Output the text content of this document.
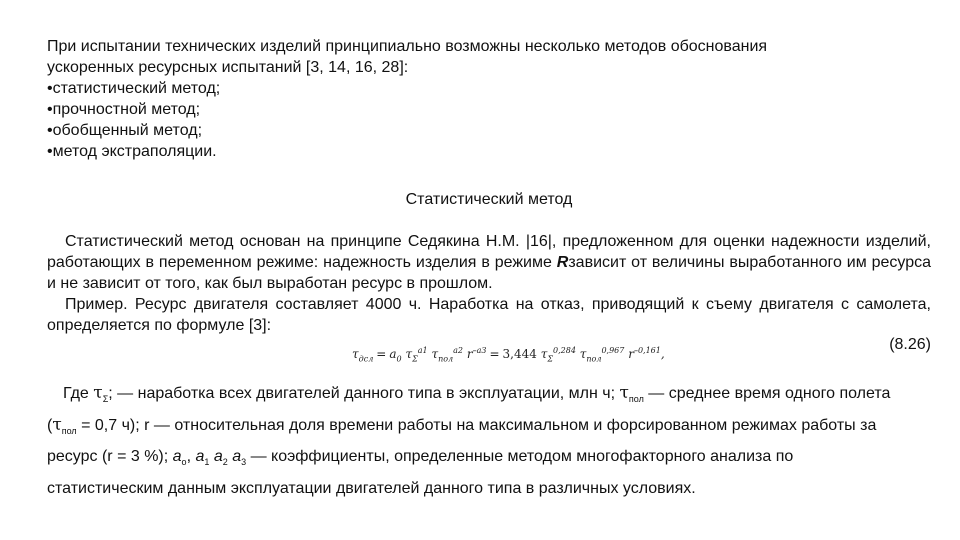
При испытании технических изделий принципиально возможны несколько методов обоснования

ускоренных ресурсных испытаний [3, 14, 16, 28]:

• статистический метод;
• прочностной метод;
• обобщенный метод;
• метод экстраполяции.
Статистический метод

Статистический метод основан на принципе Седякина Н.М. |16|, предложенном для оценки надежности изделий, работающих в переменном режиме: надежность изделия в режиме Rзависит от величины выработанного им ресурса и не зависит от того, как был выработан ресурс в прошлом.

Пример. Ресурс двигателя составляет 4000 ч. Наработка на отказ, приводящий к съему двигателя с самолета, определяется по формуле [3]:

$\tau_{дсл} = a_0$ $\tau_\Sigma^{a1}$ $\tau_{пол}^{a2}$ $r^{-a3} = 3,444$ $\tau_\Sigma^{0,284}$ $\tau_{пол}^{0,967}$ $r^{-0,161}$,
(8.26)
Где $\tau_\Sigma$; — наработка всех двигателей данного типа в эксплуатации, млн ч; $\tau_{пол}$ — среднее время одного полета ($\tau_{пол} = 0,7$ ч); r — относительная доля времени работы на максимальном и форсированном режимах работы за ресурс (r = 3 %); $a_о$, $a_1$ $a_2$ $a_3$ — коэффициенты, определенные методом многофакторного анализа по статистическим данным эксплуатации двигателей данного типа в различных условиях.
